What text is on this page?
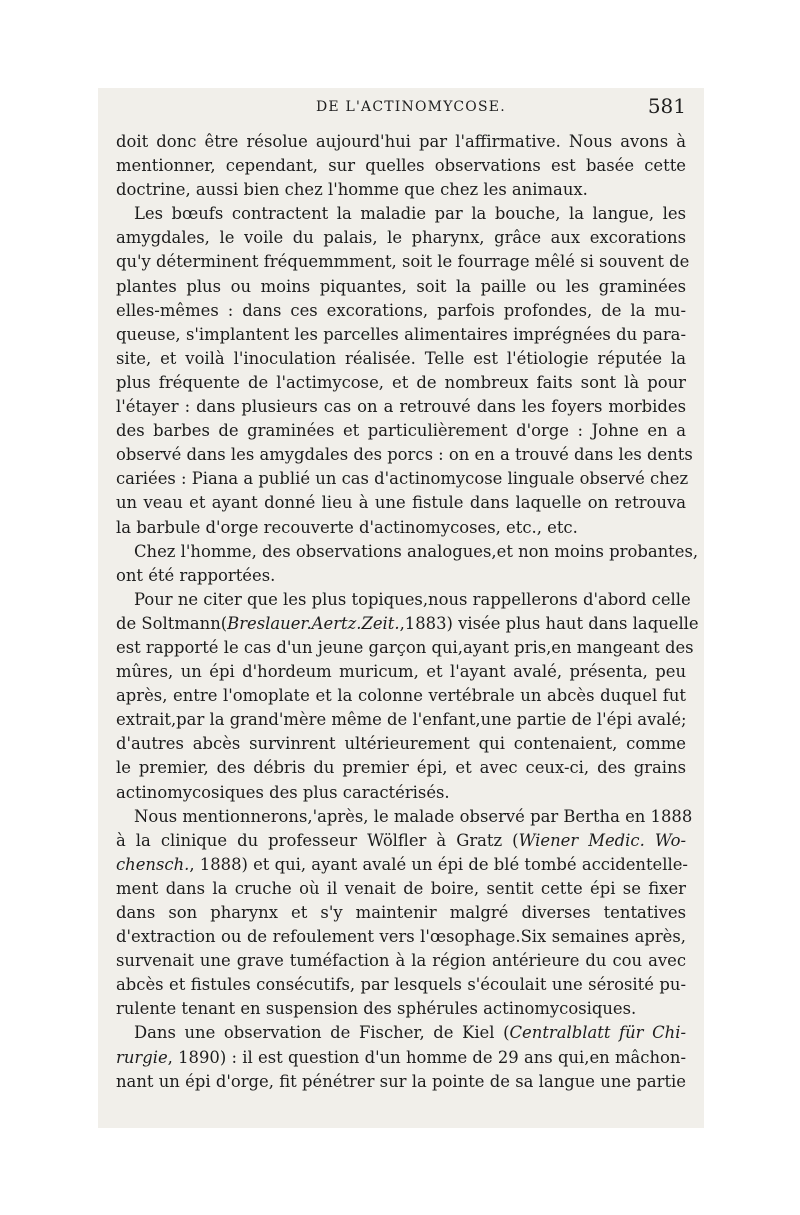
DE L'ACTINOMYCOSE.	581
doit donc être résolue aujourd'hui par l'affirmative. Nous avons à
mentionner, cependant, sur quelles observations est basée cette
doctrine, aussi bien chez l'homme que chez les animaux.
Les bœufs contractent la maladie par la bouche, la langue, les
amygdales, le voile du palais, le pharynx, grâce aux excorations
qu'y déterminent fréquemmment, soit le fourrage mêlé si souvent de
plantes plus ou moins piquantes, soit la paille ou les graminées
elles-mêmes : dans ces excorations, parfois profondes, de la mu-
queuse, s'implantent les parcelles alimentaires imprégnées du para-
site, et voilà l'inoculation réalisée. Telle est l'étiologie réputée la
plus fréquente de l'actimycose, et de nombreux faits sont là pour
l'étayer : dans plusieurs cas on a retrouvé dans les foyers morbides
des barbes de graminées et particulièrement d'orge : Johne en a
observé dans les amygdales des porcs : on en a trouvé dans les dents
cariées : Piana a publié un cas d'actinomycose linguale observé chez
un veau et ayant donné lieu à une fistule dans laquelle on retrouva
la barbule d'orge recouverte d'actinomycoses, etc., etc.
Chez l'homme, des observations analogues,et non moins probantes,
ont été rapportées.
Pour ne citer que les plus topiques,nous rappellerons d'abord celle
de Soltmann(Breslauer.Aertz.Zeit.,1883) visée plus haut dans laquelle
est rapporté le cas d'un jeune garçon qui,ayant pris,en mangeant des
mûres, un épi d'hordeum muricum, et l'ayant avalé, présenta, peu
après, entre l'omoplate et la colonne vertébrale un abcès duquel fut
extrait,par la grand'mère même de l'enfant,une partie de l'épi avalé;
d'autres abcès survinrent ultérieurement qui contenaient, comme
le premier, des débris du premier épi, et avec ceux-ci, des grains
actinomycosiques des plus caractérisés.
Nous mentionnerons,'après, le malade observé par Bertha en 1888
à la clinique du professeur Wölfler à Gratz (Wiener Medic. Wo-
chensch., 1888) et qui, ayant avalé un épi de blé tombé accidentelle-
ment dans la cruche où il venait de boire, sentit cette épi se fixer
dans son pharynx et s'y maintenir malgré diverses tentatives
d'extraction ou de refoulement vers l'œsophage.Six semaines après,
survenait une grave tuméfaction à la région antérieure du cou avec
abcès et fistules consécutifs, par lesquels s'écoulait une sérosité pu-
rulente tenant en suspension des sphérules actinomycosiques.
Dans une observation de Fischer, de Kiel (Centralblatt für Chi-
rurgie, 1890) : il est question d'un homme de 29 ans qui,en mâchon-
nant un épi d'orge, fit pénétrer sur la pointe de sa langue une partie
